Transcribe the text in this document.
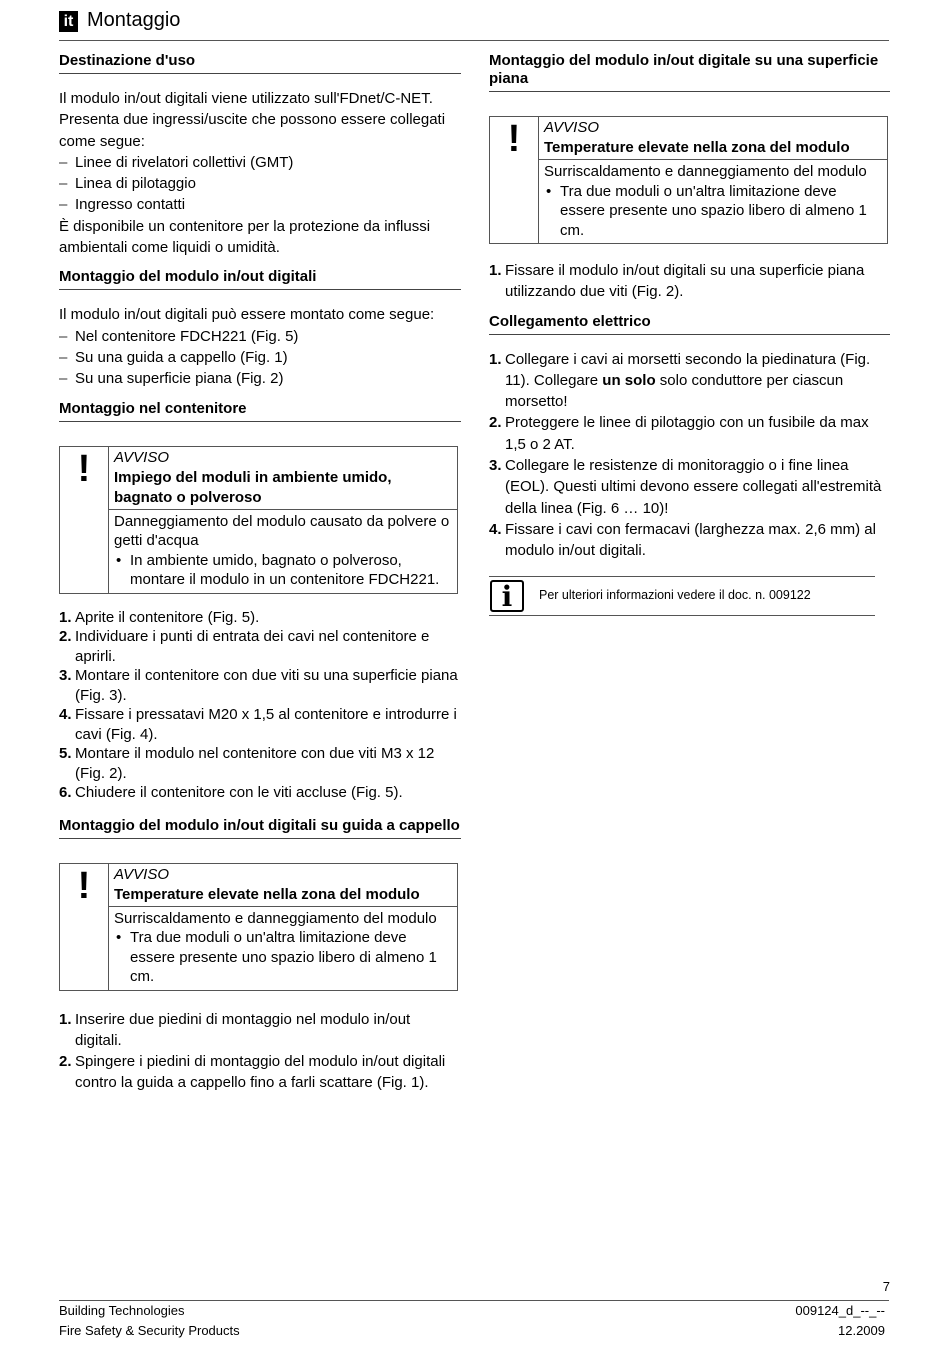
it Montaggio
Destinazione d'uso

Il modulo in/out digitali viene utilizzato sull'FDnet/C-NET. Presenta due ingressi/uscite che possono essere collegati come segue:

– Linee di rivelatori collettivi (GMT)
– Linea di pilotaggio
– Ingresso contatti

È disponibile un contenitore per la protezione da influssi ambientali come liquidi o umidità.

Montaggio del modulo in/out digitali

Il modulo in/out digitali può essere montato come segue:

– Nel contenitore FDCH221 (Fig. 5)
– Su una guida a cappello (Fig. 1)
– Su una superficie piana (Fig. 2)
Montaggio nel contenitore
!	AVVISO
Impiego del moduli in ambiente umido, bagnato o polveroso
Danneggiamento del modulo causato da polvere o getti d'acqua
• In ambiente umido, bagnato o polveroso, montare il modulo in un contenitore FDCH221.
1. Aprite il contenitore (Fig. 5).
2. Individuare i punti di entrata dei cavi nel contenitore e aprirli.
3. Montare il contenitore con due viti su una superficie piana (Fig. 3).
4. Fissare i pressatavi M20 x 1,5 al contenitore e introdurre i cavi (Fig. 4).
5. Montare il modulo nel contenitore con due viti M3 x 12 (Fig. 2).
6. Chiudere il contenitore con le viti accluse (Fig. 5).
Montaggio del modulo in/out digitali su guida a cappello
!	AVVISO
Temperature elevate nella zona del modulo
Surriscaldamento e danneggiamento del modulo
• Tra due moduli o un'altra limitazione deve essere presente uno spazio libero di almeno 1 cm.
1. Inserire due piedini di montaggio nel modulo in/out digitali.
2. Spingere i piedini di montaggio del modulo in/out digitali contro la guida a cappello fino a farli scattare (Fig. 1).
Montaggio del modulo in/out digitale su una superficie piana
!	AVVISO
Temperature elevate nella zona del modulo
Surriscaldamento e danneggiamento del modulo
• Tra due moduli o un'altra limitazione deve essere presente uno spazio libero di almeno 1 cm.
1. Fissare il modulo in/out digitali su una superficie piana utilizzando due viti (Fig. 2).
Collegamento elettrico
1. Collegare i cavi ai morsetti secondo la piedinatura (Fig. 11). Collegare un solo solo conduttore per ciascun morsetto!
2. Proteggere le linee di pilotaggio con un fusibile da max 1,5 o 2 AT.
3. Collegare le resistenze di monitoraggio o i fine linea (EOL). Questi ultimi devono essere collegati all'estremità della linea (Fig. 6 … 10)!
4. Fissare i cavi con fermacavi (larghezza max. 2,6 mm) al modulo in/out digitali.
i	Per ulteriori informazioni vedere il doc. n. 009122
7
Building Technologies	009124_d_--_--
Fire Safety & Security Products	12.2009
